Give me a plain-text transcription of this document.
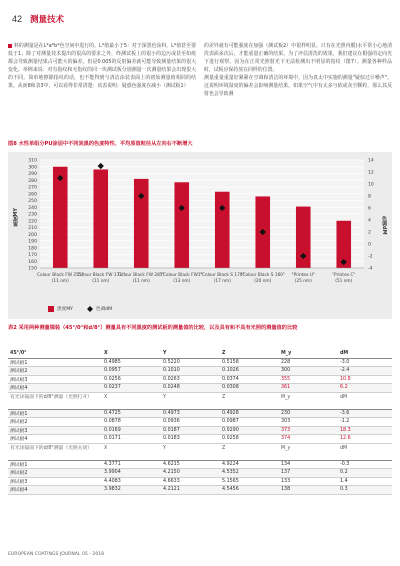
42 测量技术

料的测量是在L*a*b*色空间中进行的。L*值最小于5：对于深黑色涂料，L*值甚至要低于1；除了对测量技术提出的很高的要求之外，终测试板上的很小的边污或甚至如痕都会导致测量结果占可能大的偏差。但是0.005的反射偏差就可能导致测量结果的很大变化。举例来说：对有指纹和无指纹的同一块测试板分别测量一次测量结果会出现很大的不同。简单地擦除指纹的话，也不能得到与清洁涂装表面上的初始测量值相同的结果。从而8和表3中，可以看得非常清楚：该表说明：疑惑色强度在减小（测试板1）

的差异就有可能强度在加强（测试板2）中很样明显。只有在光照内膜(水平常小心地清洗表面多次后，才能重量正确的结果。为了评估清洗的效果，我们建议在根强的定向光下进行观察。因为在正常光照射光下无法检测出不明显的指纹（图7）。测量各种样品时，试板应保持放在同样的位置。
测量重量重量好紧紧在空调和清洁的环境中，因为真太中实施的测量"疑似过计噪声"。这说明环境温度的偏差会影响测量结果。如果空气中有太多与依或灰尘颗粒，那么其反射也会导致测

图8 水性单组分PU涂层中不同炭黑的色度特性、平均原值粒径从左向右不断增大
150
160
170
180
190
200
210
220
230
240
250
260
270
280
290
300
310
-4
-2
0
2
4
6
8
10
12
14
Colour Black FW 255"
(11 nm)
Colour Black FW 171"
(11 nm)
Colour Black FW 285"
(11 nm)
"Colour Black FW1"
(13 nm)
"Colour Black S 170"
(17 nm)
"Colour Black S 160"
(20 nm)
"Printex U"
(25 nm)
"Printex C"
(51 nm)
黑度MY	色调dM
黑度MY	色调dM
表2 采用两种测量镜装（45°/0°和d/8°）测量具有不同黑度的测试板的测量值的比较，以及具有和不具有光照的测量值的比较
45°/0°	X	Y	Z	M_y	dM
测试板1	0.4985	0.5220	0.5158	228	-3.0
测试板2	0.0957	0.1010	0.1026	300	-2.4
测试板3	0.0256	0.0263	0.0374	355	10.8
测试板4	0.0237	0.0248	0.0308	361	6.2
有光泽镜面下的d/8°测量（光照打开）	X	Y	Z	M_y	dM
测试板1	0.4725	0.4973	0.4928	230	-3.6
测试板2	0.0878	0.0936	0.0987	303	-1.2
测试板3	0.0169	0.0187	0.0290	373	18.3
测试板4	0.0171	0.0183	0.0258	374	12.6
有光泽镜面下的d/8°测量（光照关闭）	X	Y	Z	M_y	dM
测试板1	4.3771	4.6215	4.9224	134	-0.3
测试板2	3.9904	4.2150	4.5352	137	0.2
测试板3	4.4083	4.6633	5.1565	133	1.4
测试板4	3.9832	4.2121	4.5456	138	0.3
EUROPEAN COATINGS JOURNAL 05 - 2018
